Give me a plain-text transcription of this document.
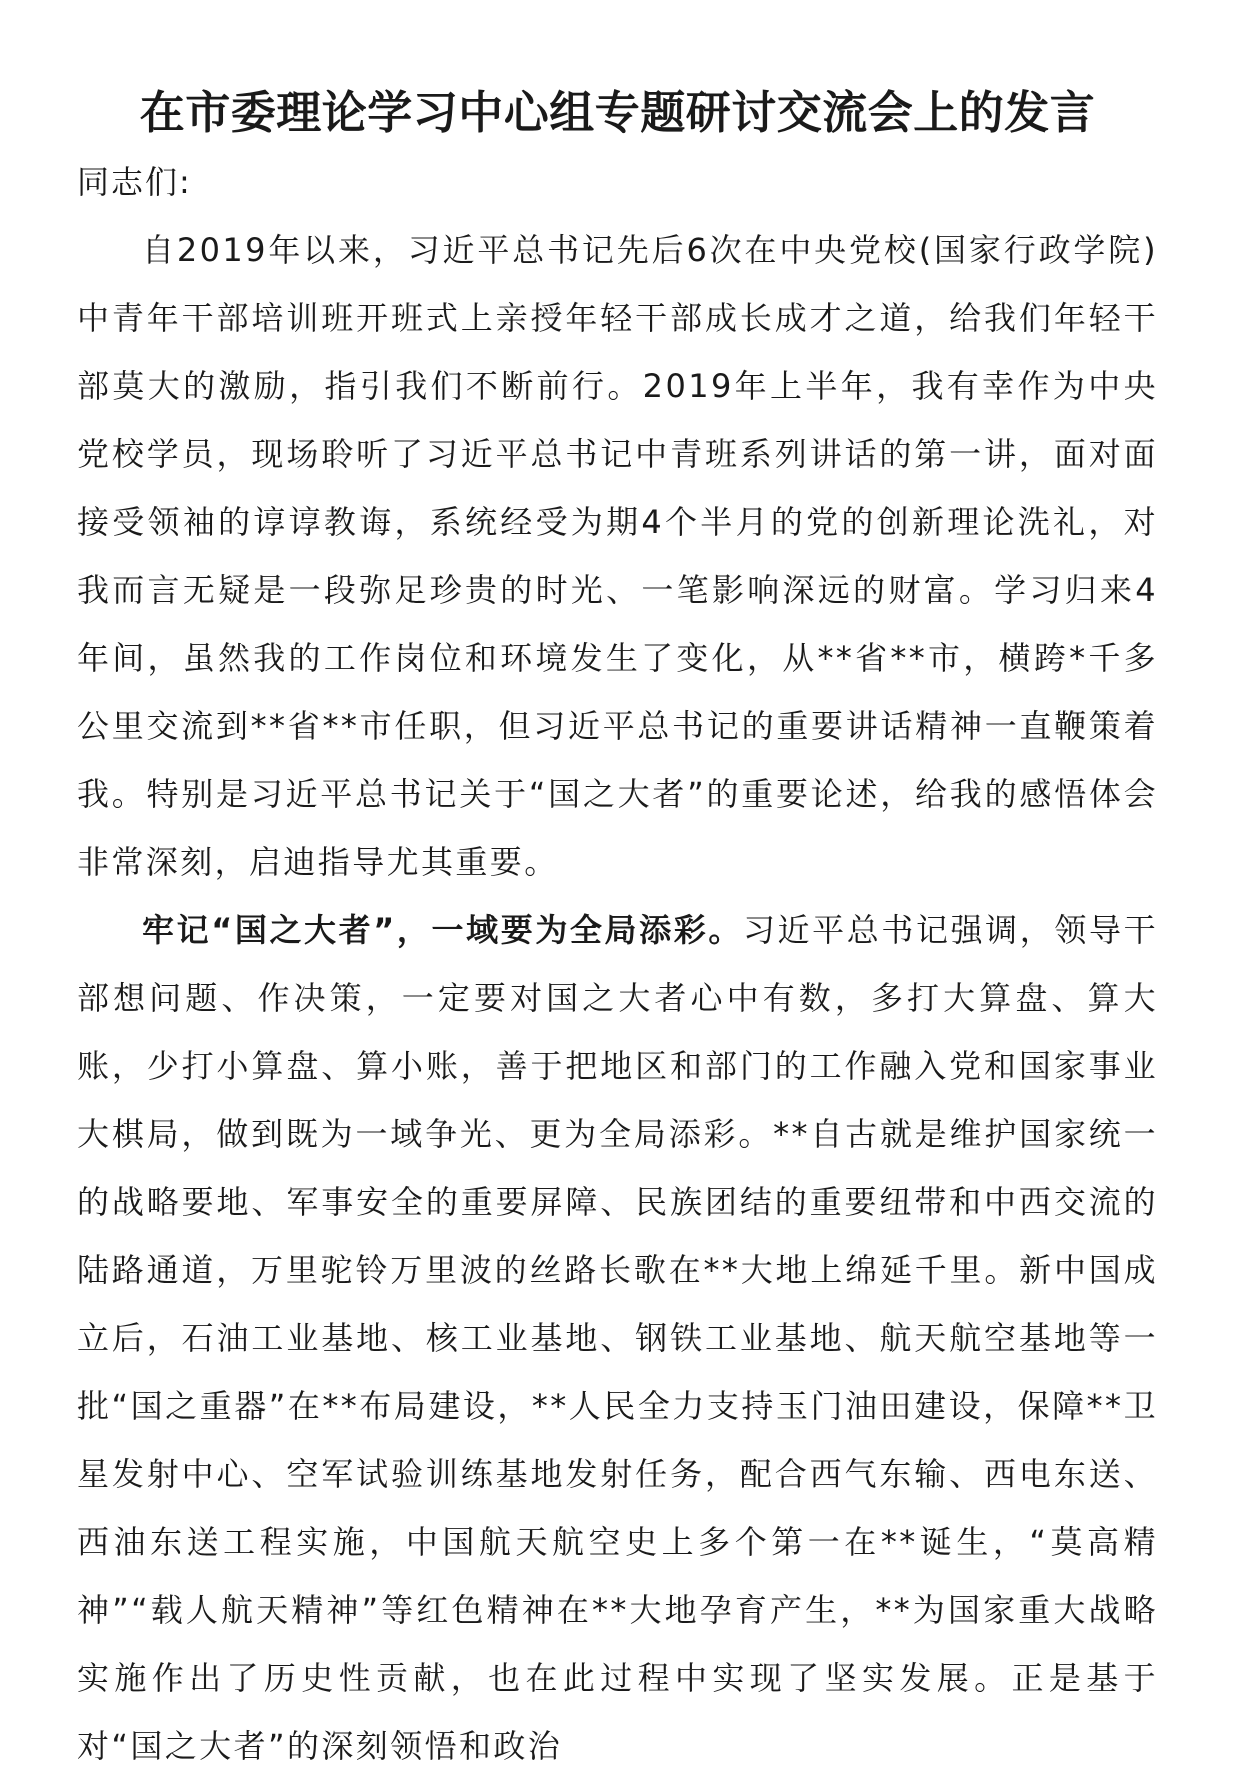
在市委理论学习中心组专题研讨交流会上的发言

同志们:

自2019年以来，习近平总书记先后6次在中央党校(国家行政学院)中青年干部培训班开班式上亲授年轻干部成长成才之道，给我们年轻干部莫大的激励，指引我们不断前行。2019年上半年，我有幸作为中央党校学员，现场聆听了习近平总书记中青班系列讲话的第一讲，面对面接受领袖的谆谆教诲，系统经受为期4个半月的党的创新理论洗礼，对我而言无疑是一段弥足珍贵的时光、一笔影响深远的财富。学习归来4年间，虽然我的工作岗位和环境发生了变化，从**省**市，横跨*千多公里交流到**省**市任职，但习近平总书记的重要讲话精神一直鞭策着我。特别是习近平总书记关于“国之大者”的重要论述，给我的感悟体会非常深刻，启迪指导尤其重要。

牢记“国之大者”，一域要为全局添彩。习近平总书记强调，领导干部想问题、作决策，一定要对国之大者心中有数，多打大算盘、算大账，少打小算盘、算小账，善于把地区和部门的工作融入党和国家事业大棋局，做到既为一域争光、更为全局添彩。**自古就是维护国家统一的战略要地、军事安全的重要屏障、民族团结的重要纽带和中西交流的陆路通道，万里驼铃万里波的丝路长歌在**大地上绵延千里。新中国成立后，石油工业基地、核工业基地、钢铁工业基地、航天航空基地等一批“国之重器”在**布局建设，**人民全力支持玉门油田建设，保障**卫星发射中心、空军试验训练基地发射任务，配合西气东输、西电东送、西油东送工程实施，中国航天航空史上多个第一在**诞生，“莫高精神”“载人航天精神”等红色精神在**大地孕育产生，**为国家重大战略实施作出了历史性贡献，也在此过程中实现了坚实发展。正是基于对“国之大者”的深刻领悟和政治
